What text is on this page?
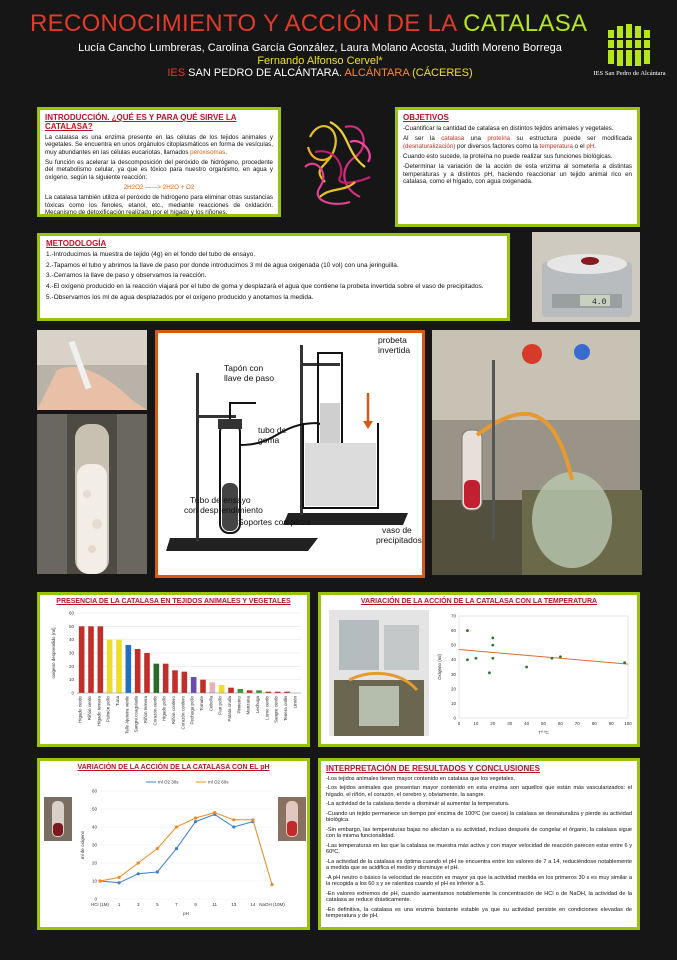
RECONOCIMIENTO Y ACCIÓN DE LA CATALASA
Lucía Cancho Lumbreras, Carolina García González, Laura Molano Acosta, Judith Moreno Borrega
Fernando Alfonso Cervel*
IES SAN PEDRO DE ALCÁNTARA. ALCÁNTARA (CÁCERES)	IES San Pedro de Alcántara
INTRODUCCIÓN. ¿QUÉ ES Y PARA QUÉ SIRVE LA CATALASA?

La catalasa es una enzima presente en las células de los tejidos animales y vegetales. Se encuentra en unos orgánulos citoplasmáticos en forma de vesículas, muy abundantes en las células eucariotas, llamados peroxisomas.

Su función es acelerar la descomposición del peróxido de hidrógeno, procedente del metabolismo celular, ya que es tóxico para nuestro organismo, en agua y oxígeno, según la siguiente reacción:

2H2O2 ——> 2H2O + O2

La catalasa también utiliza el peróxido de hidrógeno para eliminar otras sustancias tóxicas como los fenoles, etanol, etc., mediante reacciones de oxidación. Mecanismo de detoxificación realizado por el hígado y los riñones.

OBJETIVOS

-Cuantificar la cantidad de catalasa en distintos tejidos animales y vegetales.

Al ser la catalasa una proteína su estructura puede ser modificada (desnaturalización) por diversos factores como la temperatura o el pH.

Cuando esto sucede, la proteína no puede realizar sus funciones biológicas.

-Determinar la variación de la acción de esta enzima al someterla a distintas temperaturas y a distintos pH, haciendo reaccionar un tejido animal rico en catalasa, como el hígado, con agua oxigenada.

METODOLOGÍA

1.-Introducimos la muestra de tejido (4g) en el fondo del tubo de ensayo.

2.-Tapamos el tubo y abrimos la llave de paso por donde introducimos 3 ml de agua oxigenada (10 vol) con una jeringuilla.

3.-Cerramos la llave de paso y observamos la reacción.

4.-El oxígeno producido en la reacción viajará por el tubo de goma y desplazará el agua que contiene la probeta invertida sobre el vaso de precipitados.

5.-Observamos los ml de agua desplazados por el oxígeno producido y anotamos la medida.

4.0
Tapón con llave de paso
probeta invertida
tubo de goma
Tubo de ensayo con desprendimiento
Soportes con pinza
vaso de precipitados
PRESENCIA DE LA CATALASA EN TEJIDOS ANIMALES Y VEGETALES
0
10
20
30
40
50
60
oxígeno desprendido (ml)
Hígado cerdo Riñón cerdo Hígado ternera Pulmón pollo Tuna Tallo Ajeteira verde Sangre coagulada Riñón ternera Corazón cerdo Hígado pollo Riñón cordero Corazón cordero Pechuga pollo Tomate Cebolla Pan pollo Patata cruda Pimiento Manzana Lechuga Lomo cerdo Sangre cerdo Tenera ordin Limón
VARIACIÓN DE LA ACCIÓN DE LA CATALASA CON LA TEMPERATURA
0
10
20
30
40
50
60
70
0	10	20	30	40	50	60	70	80	90 100
Oxígeno (ml)
Tª ºC
VARIACIÓN DE LA ACCIÓN DE LA CATALASA CON EL pH
0
10
20
30
40
50
60
HCl (1M) 1	3	5	7	9	11	13	14 NaOH (10M)
ml de oxígeno
pH
ml O2 30s	ml O2 60s
INTERPRETACIÓN DE RESULTADOS Y CONCLUSIONES

-Los tejidos animales tienen mayor contenido en catalasa que los vegetales.

-Los tejidos animales que presentan mayor contenido en esta enzima son aquellos que están más vascularizados: el hígado, el riñón, el corazón, el cerebro y, obviamente, la sangre.

-La actividad de la catalasa tiende a disminuir al aumentar la temperatura.

-Cuando un tejido permanece un tiempo por encima de 100ºC (se cuece) la catalasa se desnaturaliza y pierde su actividad biológica.

-Sin embargo, las temperaturas bajas no afectan a su actividad, incluso después de congelar el órgano, la catalasa sigue con la misma funcionalidad.

-Las temperaturas en las que la catalasa se muestra más activa y con mayor velocidad de reacción parecen estar entre 6 y 60ºC.

-La actividad de la catalasa es óptima cuando el pH se encuentra entre los valores de 7 a 14, reduciéndose notablemente a medida que se acidifica el medio y disminuye el pH.

-A pH neutro o básico la velocidad de reacción es mayor ya que la actividad medida en los primeros 30 s es muy similar a la recogida a los 60 s y se ralentiza cuando el pH es inferior a 5.

-En valores extremos de pH, cuando aumentamos notablemente la concentración de HCl o de NaOH, la actividad de la catalasa se reduce drásticamente.

-En definitiva, la catalasa es una enzima bastante estable ya que su actividad persiste en condiciones elevadas de temperatura y de pH.
